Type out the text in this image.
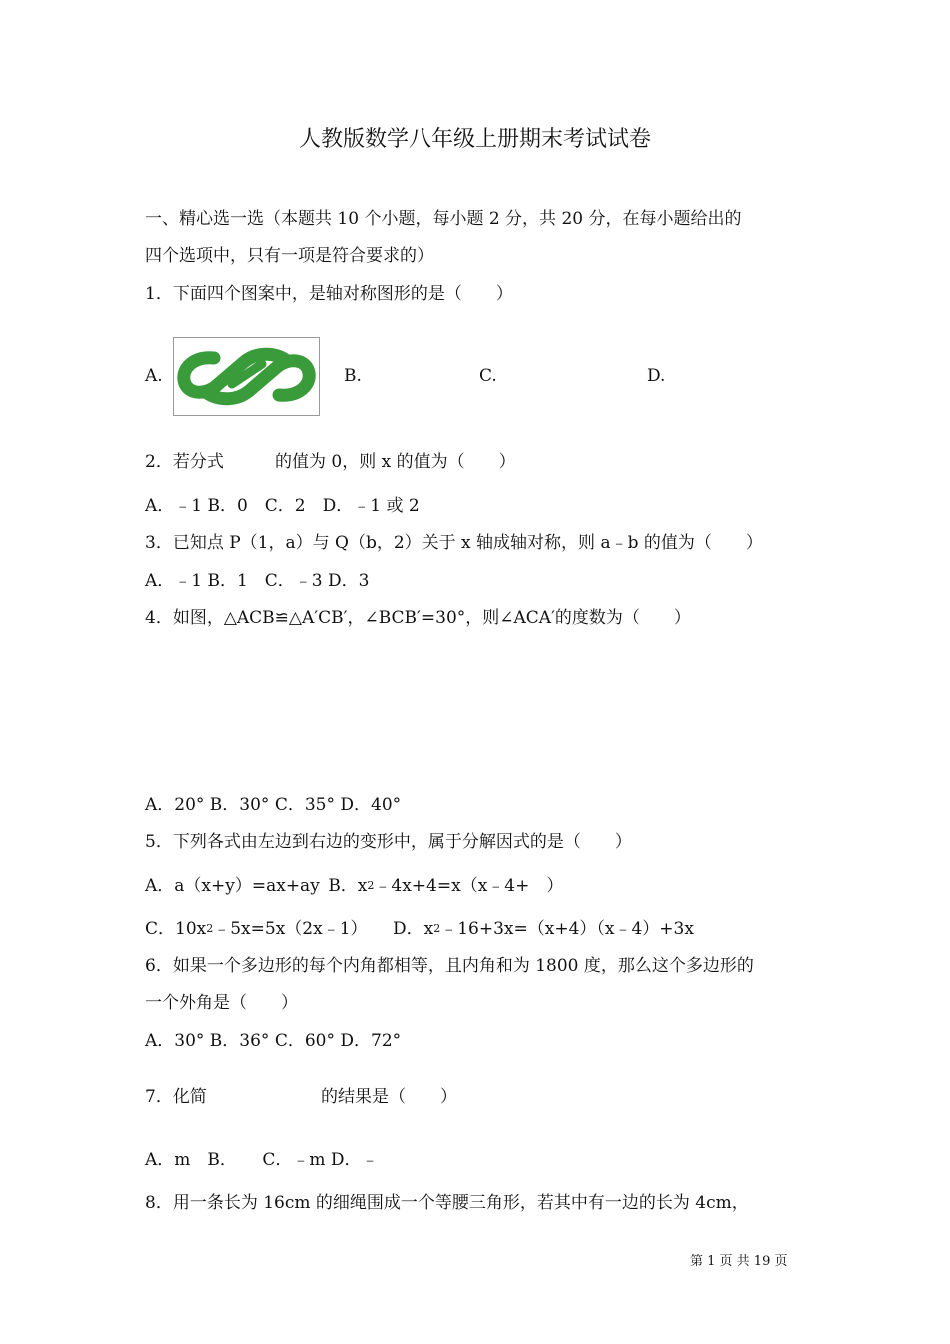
人教版数学八年级上册期末考试试卷
一、精心选一选（本题共 10 个小题，每小题 2 分，共 20 分，在每小题给出的
四个选项中，只有一项是符合要求的）
1．下面四个图案中，是轴对称图形的是（　　）
A.	B.	C.	D.
2．若分式	的值为 0，则 x 的值为（　　）
A．﹣1 B．0　C．2　D．﹣1 或 2
3．已知点 P（1，a）与 Q（b，2）关于 x 轴成轴对称，则 a﹣b 的值为（　　）
A．﹣1 B．1　C．﹣3 D．3
4．如图，△ACB≌△A′CB′，∠BCB′=30°，则∠ACA′的度数为（　　）
A．20° B．30° C．35° D．40°
5．下列各式由左边到右边的变形中，属于分解因式的是（　　）
A．a（x+y）=ax+ay  B．x2﹣4x+4=x（x﹣4+　）
C．10x2﹣5x=5x（2x﹣1）   D．x2﹣16+3x=（x+4）（x﹣4）+3x
6．如果一个多边形的每个内角都相等，且内角和为 1800 度，那么这个多边形的
一个外角是（　　）
A．30° B．36° C．60° D．72°
7．化简	的结果是（　　）
A．m　B．　　C．﹣m D．﹣
8．用一条长为 16cm 的细绳围成一个等腰三角形，若其中有一边的长为 4cm，
第 1 页 共 19 页
